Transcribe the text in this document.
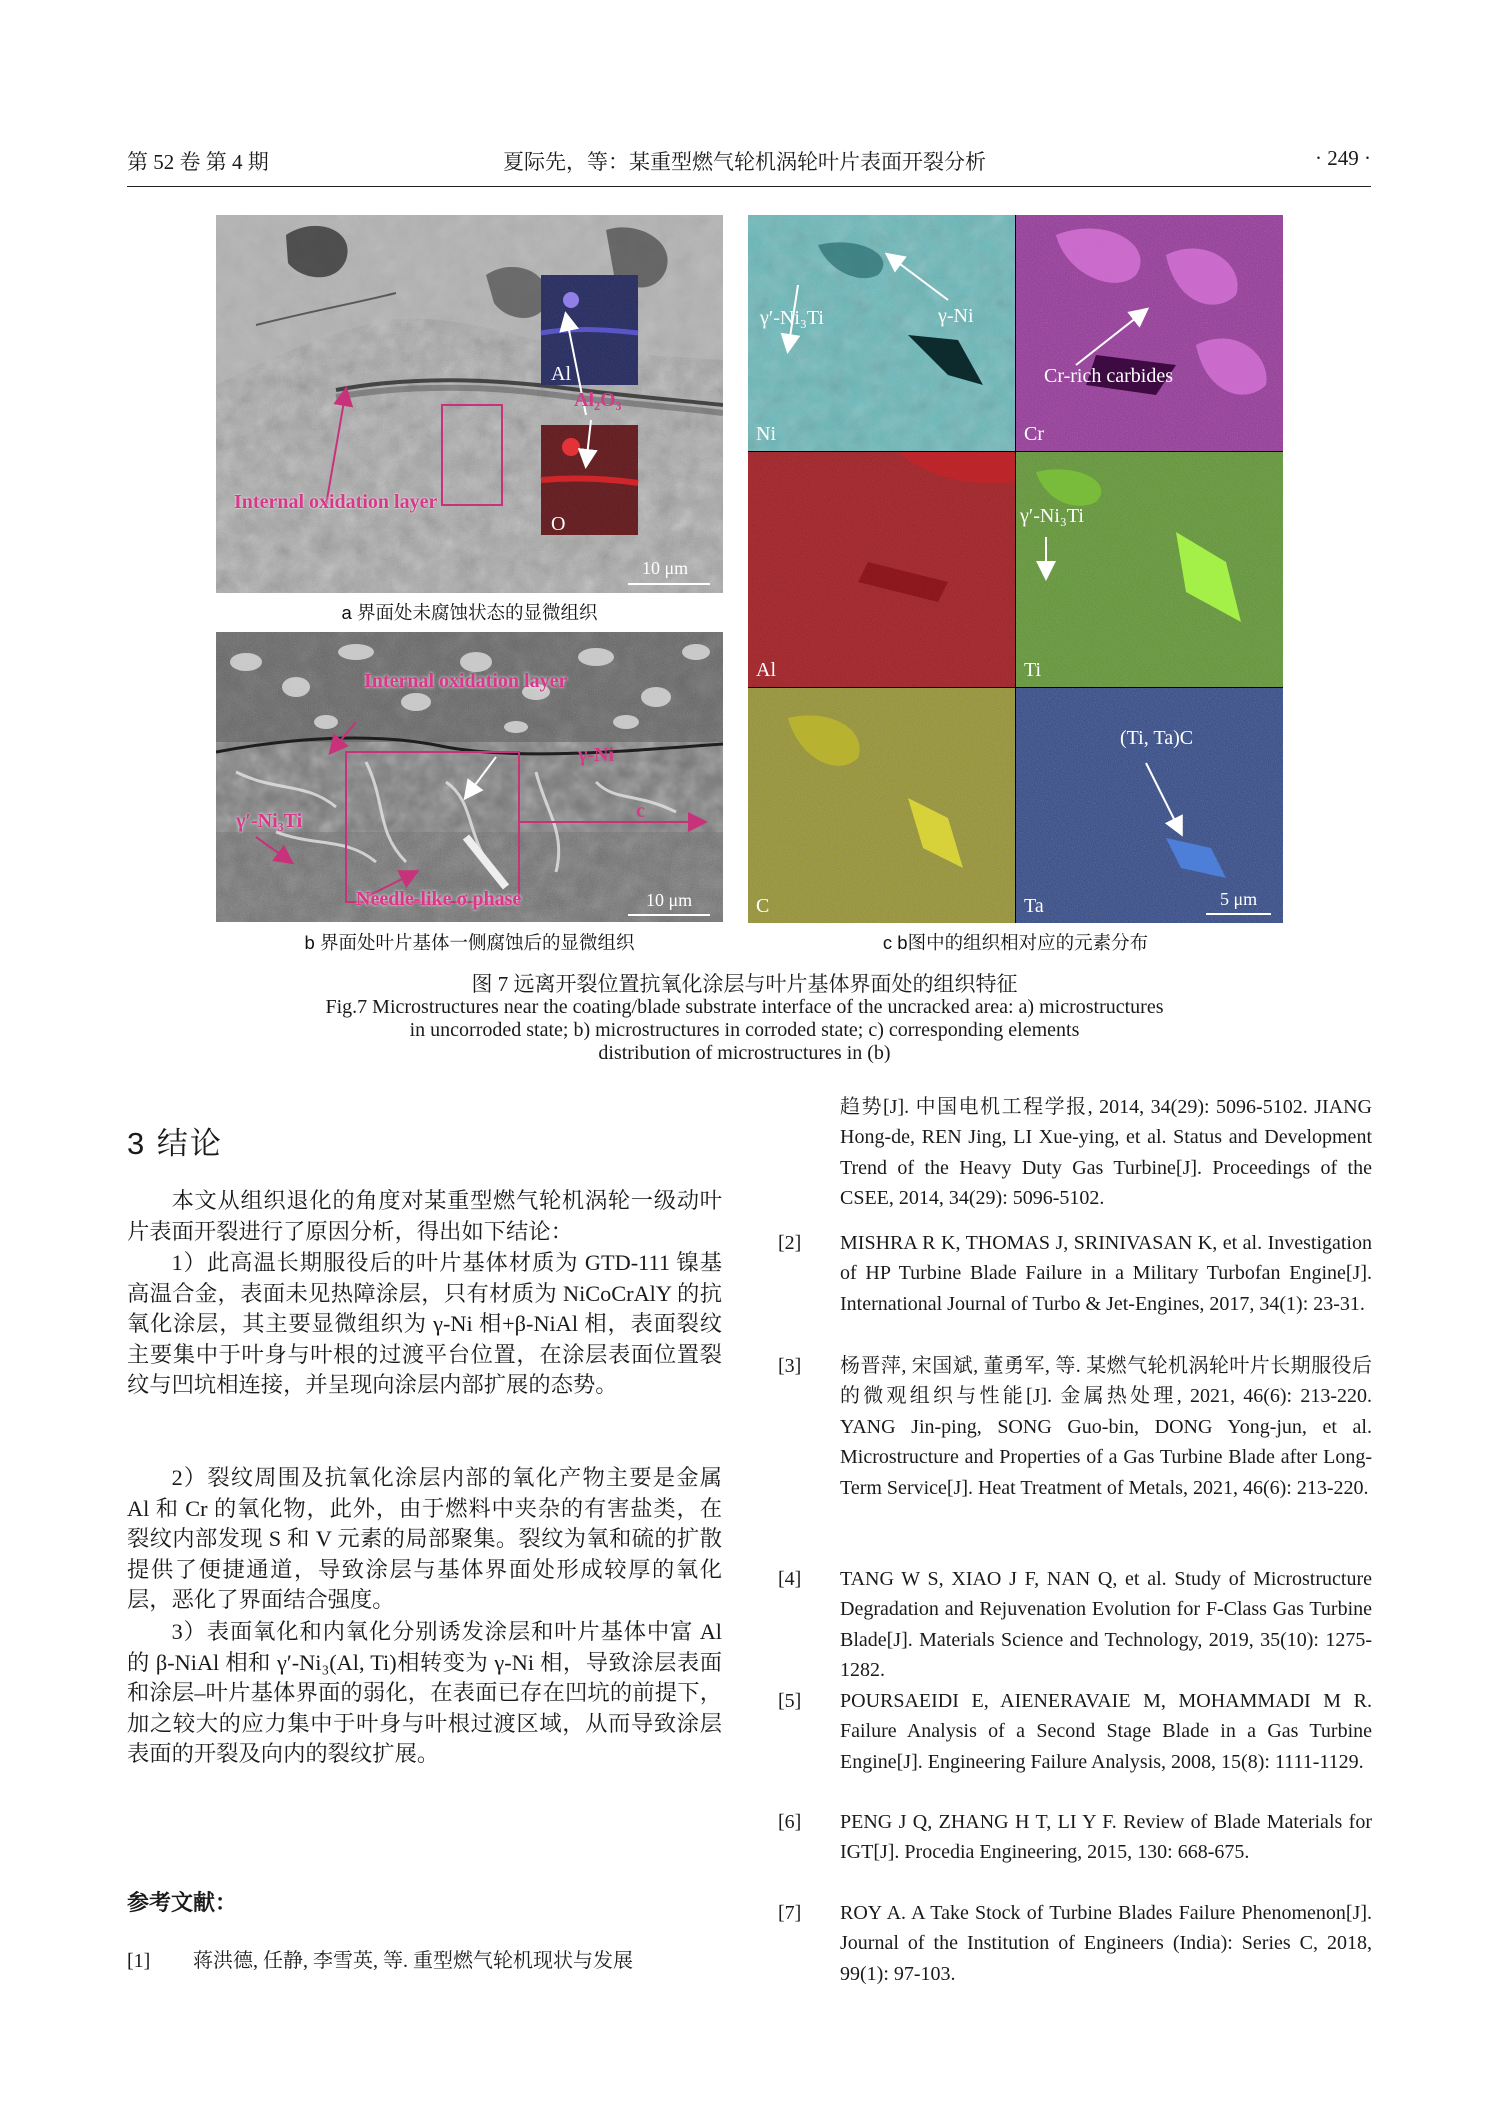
第 52 卷 第 4 期	夏际先，等：某重型燃气轮机涡轮叶片表面开裂分析	· 249 ·
Al
O
Al₂O₃
Internal oxidation layer
10 μm
a 界面处未腐蚀状态的显微组织
Internal oxidation layer
γ-Ni
c
γ′-Ni₃Ti
Needle-like σ phase	10 μm
b 界面处叶片基体一侧腐蚀后的显微组织
γ′-Ni₃Ti	γ-Ni
Ni
Cr-rich carbides
Cr
Al
γ′-Ni₃Ti
Ti
C
(Ti, Ta)C
Ta	5 μm
c b图中的组织相对应的元素分布
图 7 远离开裂位置抗氧化涂层与叶片基体界面处的组织特征
Fig.7 Microstructures near the coating/blade substrate interface of the uncracked area: a) microstructures
in uncorroded state; b) microstructures in corroded state; c) corresponding elements
distribution of microstructures in (b)
3 结论

本文从组织退化的角度对某重型燃气轮机涡轮一级动叶片表面开裂进行了原因分析，得出如下结论：

1）此高温长期服役后的叶片基体材质为 GTD-111 镍基高温合金，表面未见热障涂层，只有材质为 NiCoCrAlY 的抗氧化涂层，其主要显微组织为 γ-Ni 相+β-NiAl 相，表面裂纹主要集中于叶身与叶根的过渡平台位置，在涂层表面位置裂纹与凹坑相连接，并呈现向涂层内部扩展的态势。

2）裂纹周围及抗氧化涂层内部的氧化产物主要是金属 Al 和 Cr 的氧化物，此外，由于燃料中夹杂的有害盐类，在裂纹内部发现 S 和 V 元素的局部聚集。裂纹为氧和硫的扩散提供了便捷通道，导致涂层与基体界面处形成较厚的氧化层，恶化了界面结合强度。

3）表面氧化和内氧化分别诱发涂层和叶片基体中富 Al 的 β-NiAl 相和 γ′-Ni₃(Al, Ti)相转变为 γ-Ni 相，导致涂层表面和涂层–叶片基体界面的弱化，在表面已存在凹坑的前提下，加之较大的应力集中于叶身与叶根过渡区域，从而导致涂层表面的开裂及向内的裂纹扩展。

参考文献：
[1] 蒋洪德, 任静, 李雪英, 等. 重型燃气轮机现状与发展

趋势[J]. 中国电机工程学报, 2014, 34(29): 5096-5102. JIANG Hong-de, REN Jing, LI Xue-ying, et al. Status and Development Trend of the Heavy Duty Gas Turbine[J]. Proceedings of the CSEE, 2014, 34(29): 5096-5102.

[2] MISHRA R K, THOMAS J, SRINIVASAN K, et al. Investigation of HP Turbine Blade Failure in a Military Turbofan Engine[J]. International Journal of Turbo & Jet-Engines, 2017, 34(1): 23-31.

[3] 杨晋萍, 宋国斌, 董勇军, 等. 某燃气轮机涡轮叶片长期服役后的微观组织与性能[J]. 金属热处理, 2021, 46(6): 213-220. YANG Jin-ping, SONG Guo-bin, DONG Yong-jun, et al. Microstructure and Properties of a Gas Turbine Blade after Long-Term Service[J]. Heat Treatment of Metals, 2021, 46(6): 213-220.

[4] TANG W S, XIAO J F, NAN Q, et al. Study of Microstructure Degradation and Rejuvenation Evolution for F-Class Gas Turbine Blade[J]. Materials Science and Technology, 2019, 35(10): 1275-1282.

[5] POURSAEIDI E, AIENERAVAIE M, MOHAMMADI M R. Failure Analysis of a Second Stage Blade in a Gas Turbine Engine[J]. Engineering Failure Analysis, 2008, 15(8): 1111-1129.

[6] PENG J Q, ZHANG H T, LI Y F. Review of Blade Materials for IGT[J]. Procedia Engineering, 2015, 130: 668-675.

[7] ROY A. A Take Stock of Turbine Blades Failure Phenomenon[J]. Journal of the Institution of Engineers (India): Series C, 2018, 99(1): 97-103.
